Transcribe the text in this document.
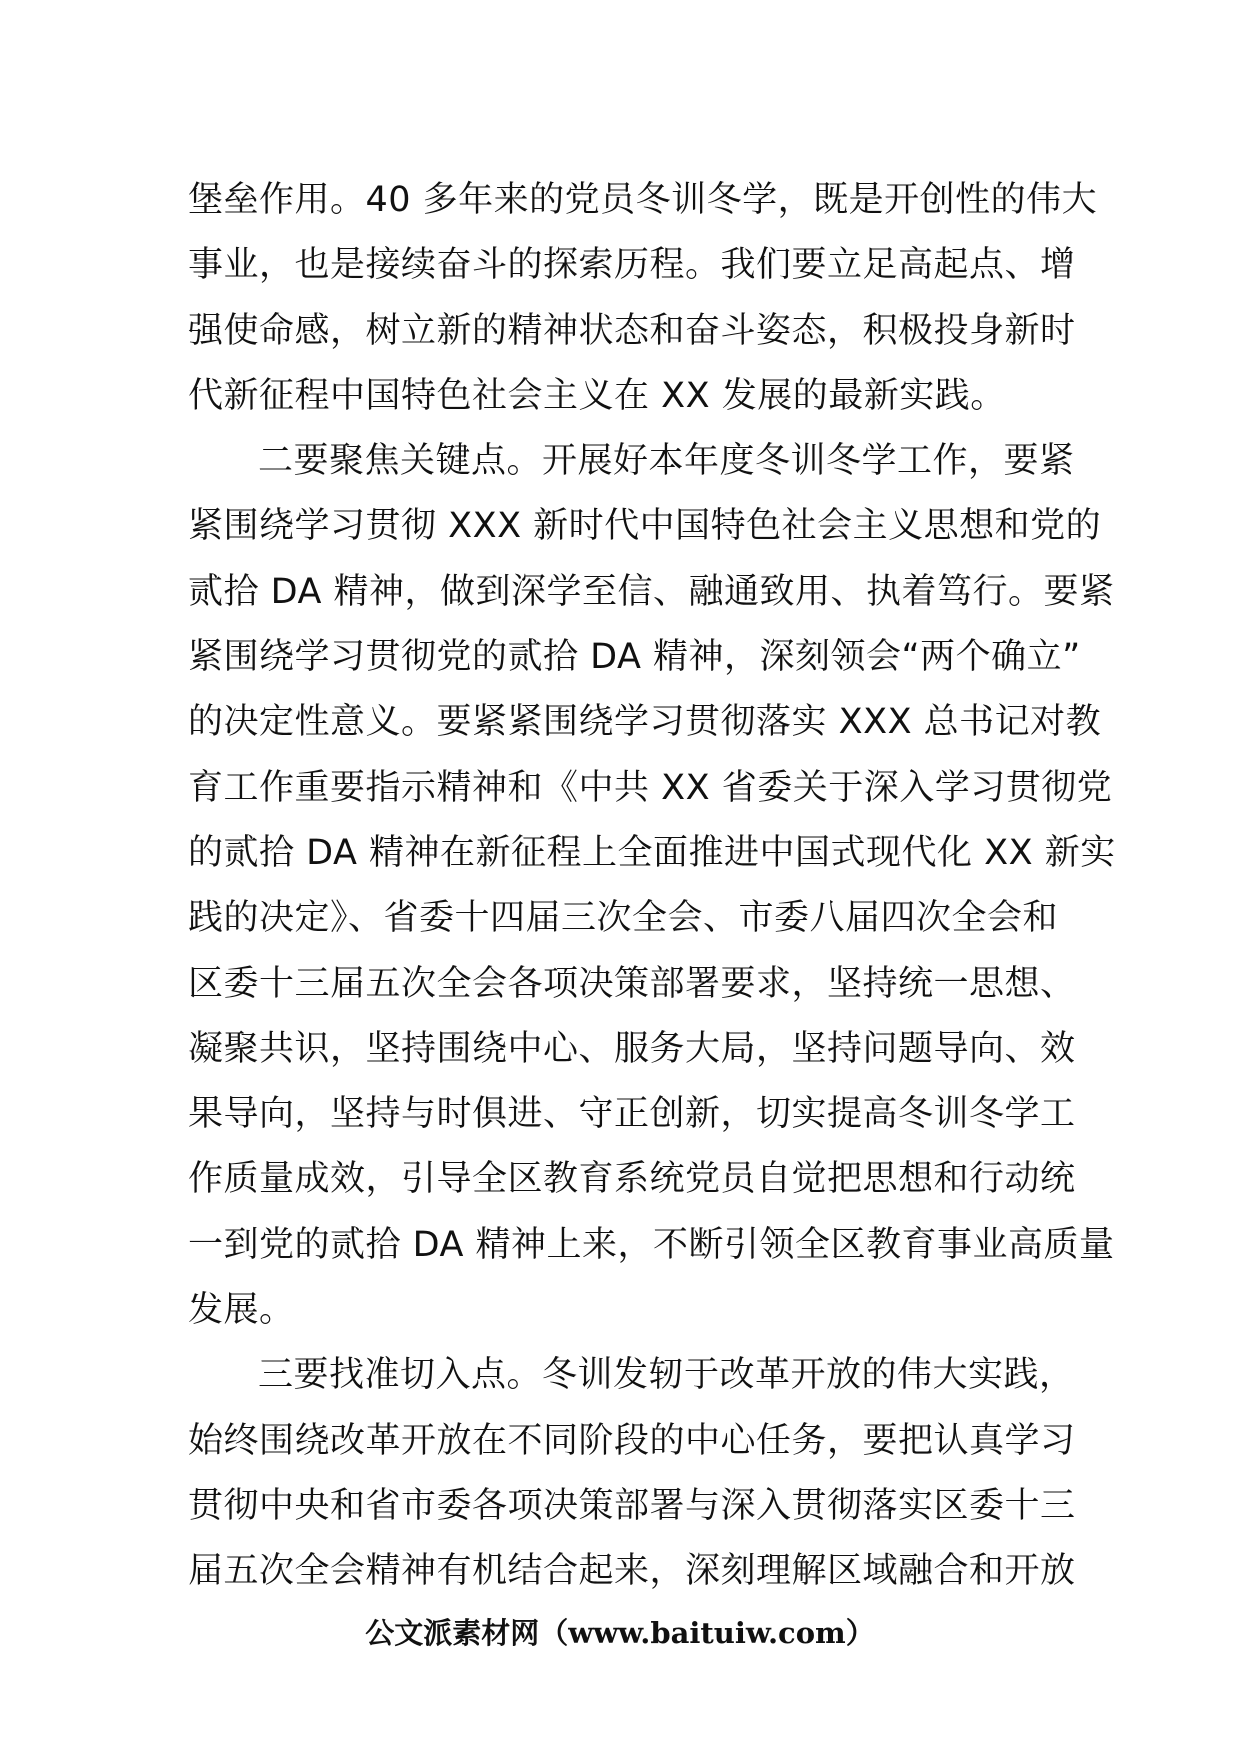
堡垒作用。40 多年来的党员冬训冬学，既是开创性的伟大
事业，也是接续奋斗的探索历程。我们要立足高起点、增
强使命感，树立新的精神状态和奋斗姿态，积极投身新时
代新征程中国特色社会主义在 XX 发展的最新实践。
二要聚焦关键点。开展好本年度冬训冬学工作，要紧
紧围绕学习贯彻 XXX 新时代中国特色社会主义思想和党的
贰拾 DA 精神，做到深学至信、融通致用、执着笃行。要紧
紧围绕学习贯彻党的贰拾 DA 精神，深刻领会“两个确立”
的决定性意义。要紧紧围绕学习贯彻落实 XXX 总书记对教
育工作重要指示精神和《中共 XX 省委关于深入学习贯彻党
的贰拾 DA 精神在新征程上全面推进中国式现代化 XX 新实
践的决定》、省委十四届三次全会、市委八届四次全会和
区委十三届五次全会各项决策部署要求，坚持统一思想、
凝聚共识，坚持围绕中心、服务大局，坚持问题导向、效
果导向，坚持与时俱进、守正创新，切实提高冬训冬学工
作质量成效，引导全区教育系统党员自觉把思想和行动统
一到党的贰拾 DA 精神上来，不断引领全区教育事业高质量
发展。
三要找准切入点。冬训发轫于改革开放的伟大实践，
始终围绕改革开放在不同阶段的中心任务，要把认真学习
贯彻中央和省市委各项决策部署与深入贯彻落实区委十三
届五次全会精神有机结合起来，深刻理解区域融合和开放
公文派素材网（www.baituiw.com）
